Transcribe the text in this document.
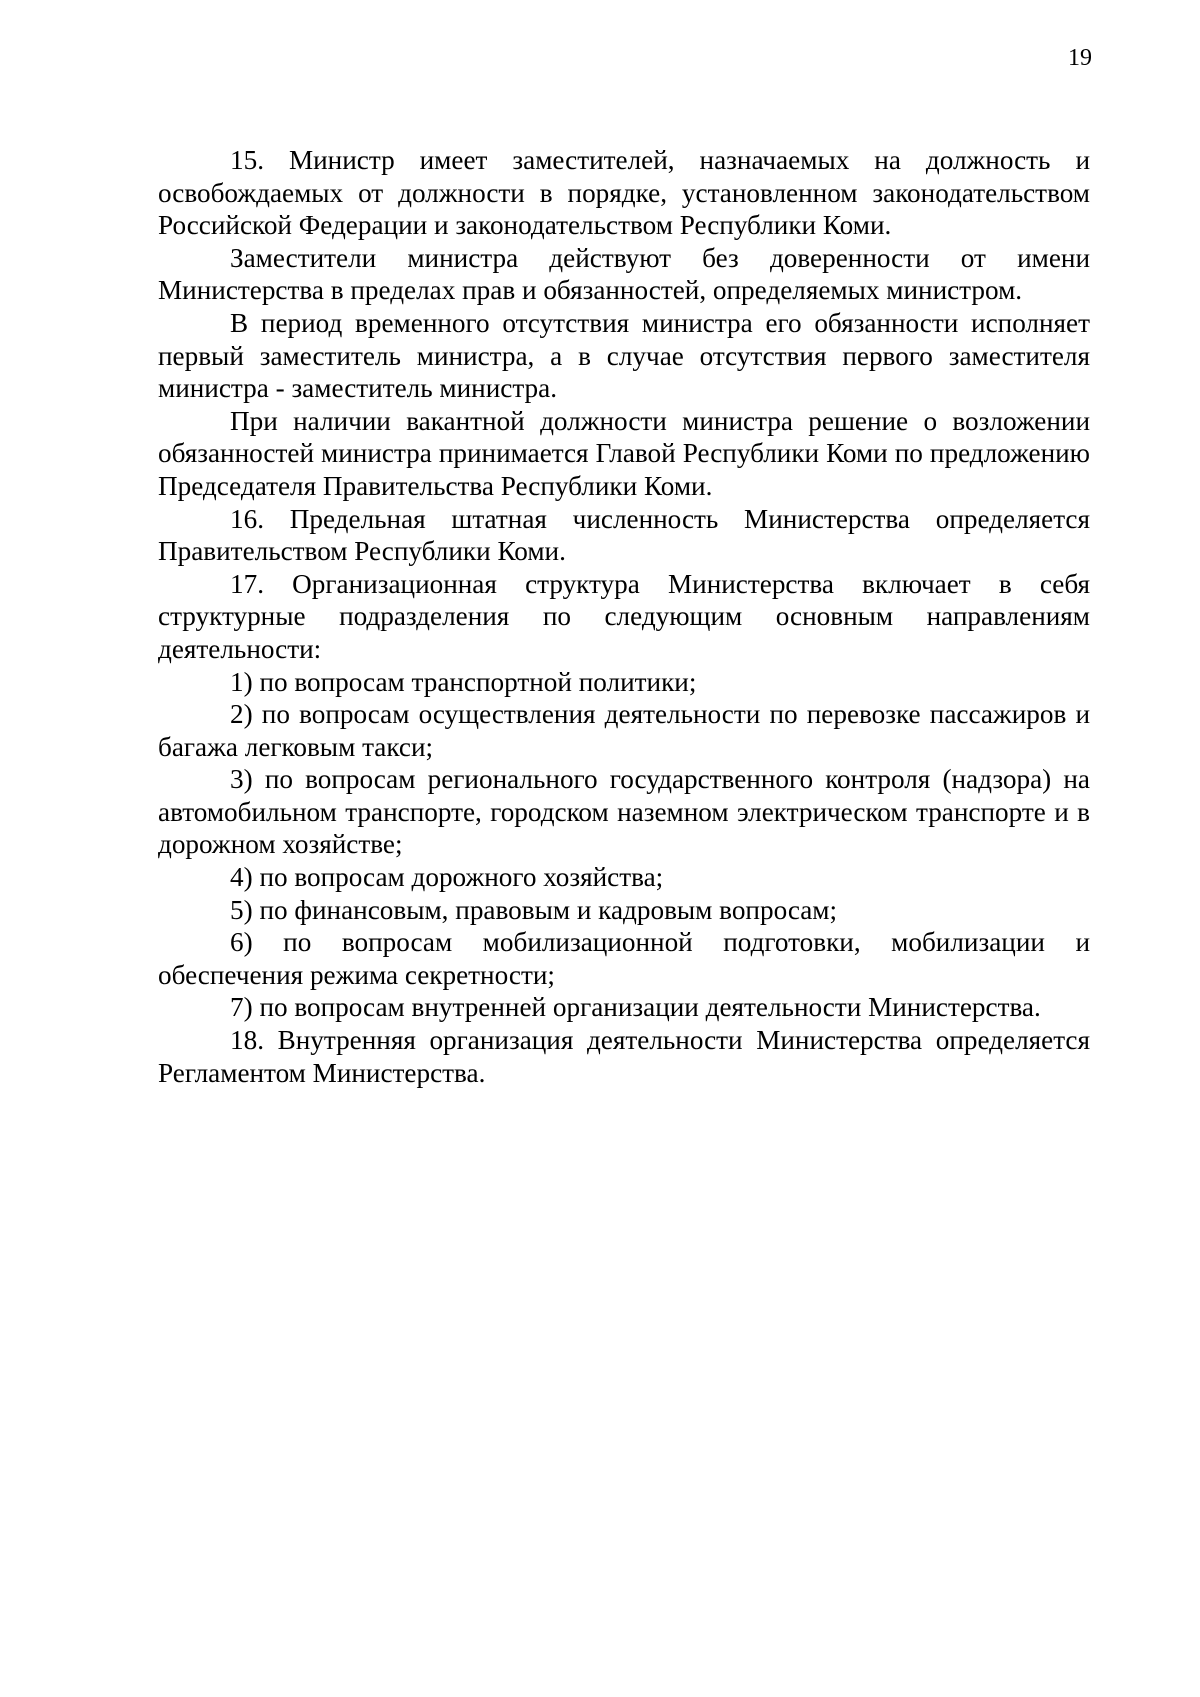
19

15. Министр имеет заместителей, назначаемых на должность и освобождаемых от должности в порядке, установленном законодательством Российской Федерации и законодательством Республики Коми.

Заместители министра действуют без доверенности от имени Министерства в пределах прав и обязанностей, определяемых министром.

В период временного отсутствия министра его обязанности исполняет первый заместитель министра, а в случае отсутствия первого заместителя министра - заместитель министра.

При наличии вакантной должности министра решение о возложении обязанностей министра принимается Главой Республики Коми по предложению Председателя Правительства Республики Коми.

16. Предельная штатная численность Министерства определяется Правительством Республики Коми.

17. Организационная структура Министерства включает в себя структурные подразделения по следующим основным направлениям деятельности:

1) по вопросам транспортной политики;

2) по вопросам осуществления деятельности по перевозке пассажиров и багажа легковым такси;

3) по вопросам регионального государственного контроля (надзора) на автомобильном транспорте, городском наземном электрическом транспорте и в дорожном хозяйстве;

4) по вопросам дорожного хозяйства;

5) по финансовым, правовым и кадровым вопросам;

6) по вопросам мобилизационной подготовки, мобилизации и обеспечения режима секретности;

7) по вопросам внутренней организации деятельности Министерства.

18. Внутренняя организация деятельности Министерства определяется Регламентом Министерства.
